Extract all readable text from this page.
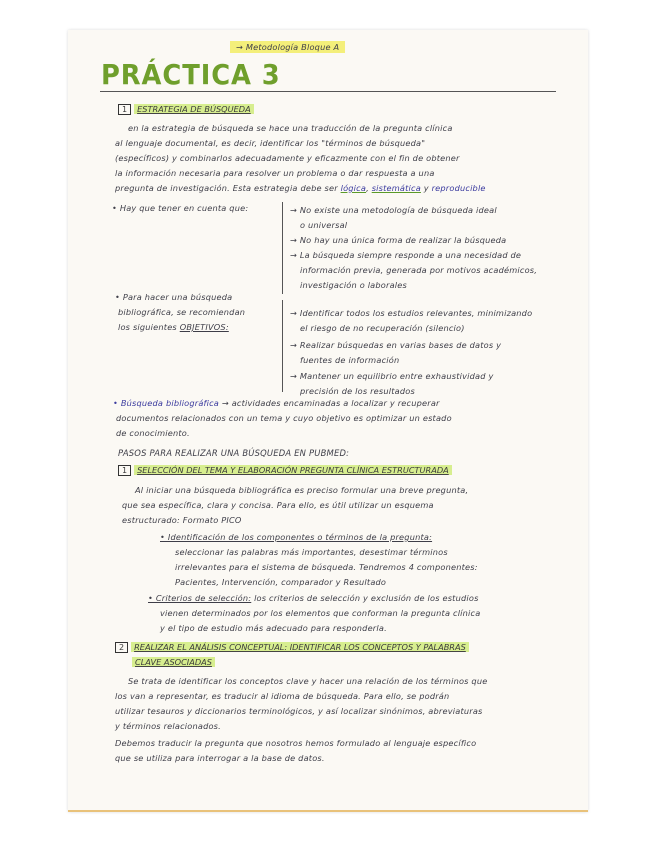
→ Metodología Bloque A
PRÁCTICA 3
1 ESTRATEGIA DE BÚSQUEDA
en la estrategia de búsqueda se hace una traducción de la pregunta clínica
al lenguaje documental, es decir, identificar los "términos de búsqueda"
(específicos) y combinarlos adecuadamente y eficazmente con el fin de obtener
la información necesaria para resolver un problema o dar respuesta a una
pregunta de investigación. Esta estrategia debe ser lógica, sistemática y reproducible
• Hay que tener en cuenta que:	→ No existe una metodología de búsqueda ideal
o universal
→ No hay una única forma de realizar la búsqueda
→ La búsqueda siempre responde a una necesidad de
información previa, generada por motivos académicos,
investigación o laborales
• Para hacer una búsqueda
bibliográfica, se recomiendan
los siguientes OBJETIVOS:
→ Identificar todos los estudios relevantes, minimizando
el riesgo de no recuperación (silencio)
→ Realizar búsquedas en varias bases de datos y
fuentes de información
→ Mantener un equilibrio entre exhaustividad y
precisión de los resultados
• Búsqueda bibliográfica → actividades encaminadas a localizar y recuperar
documentos relacionados con un tema y cuyo objetivo es optimizar un estado
de conocimiento.
PASOS PARA REALIZAR UNA BÚSQUEDA EN PUBMED:
1 SELECCIÓN DEL TEMA Y ELABORACIÓN PREGUNTA CLÍNICA ESTRUCTURADA
Al iniciar una búsqueda bibliográfica es preciso formular una breve pregunta,
que sea específica, clara y concisa. Para ello, es útil utilizar un esquema
estructurado: Formato PICO
• Identificación de los componentes o términos de la pregunta:
seleccionar las palabras más importantes, desestimar términos
irrelevantes para el sistema de búsqueda. Tendremos 4 componentes:
Pacientes, Intervención, comparador y Resultado
• Criterios de selección: los criterios de selección y exclusión de los estudios
vienen determinados por los elementos que conforman la pregunta clínica
y el tipo de estudio más adecuado para responderla.
2 REALIZAR EL ANÁLISIS CONCEPTUAL: IDENTIFICAR LOS CONCEPTOS Y PALABRAS
CLAVE ASOCIADAS
Se trata de identificar los conceptos clave y hacer una relación de los términos que
los van a representar, es traducir al idioma de búsqueda. Para ello, se podrán
utilizar tesauros y diccionarios terminológicos, y así localizar sinónimos, abreviaturas
y términos relacionados.
Debemos traducir la pregunta que nosotros hemos formulado al lenguaje específico
que se utiliza para interrogar a la base de datos.
